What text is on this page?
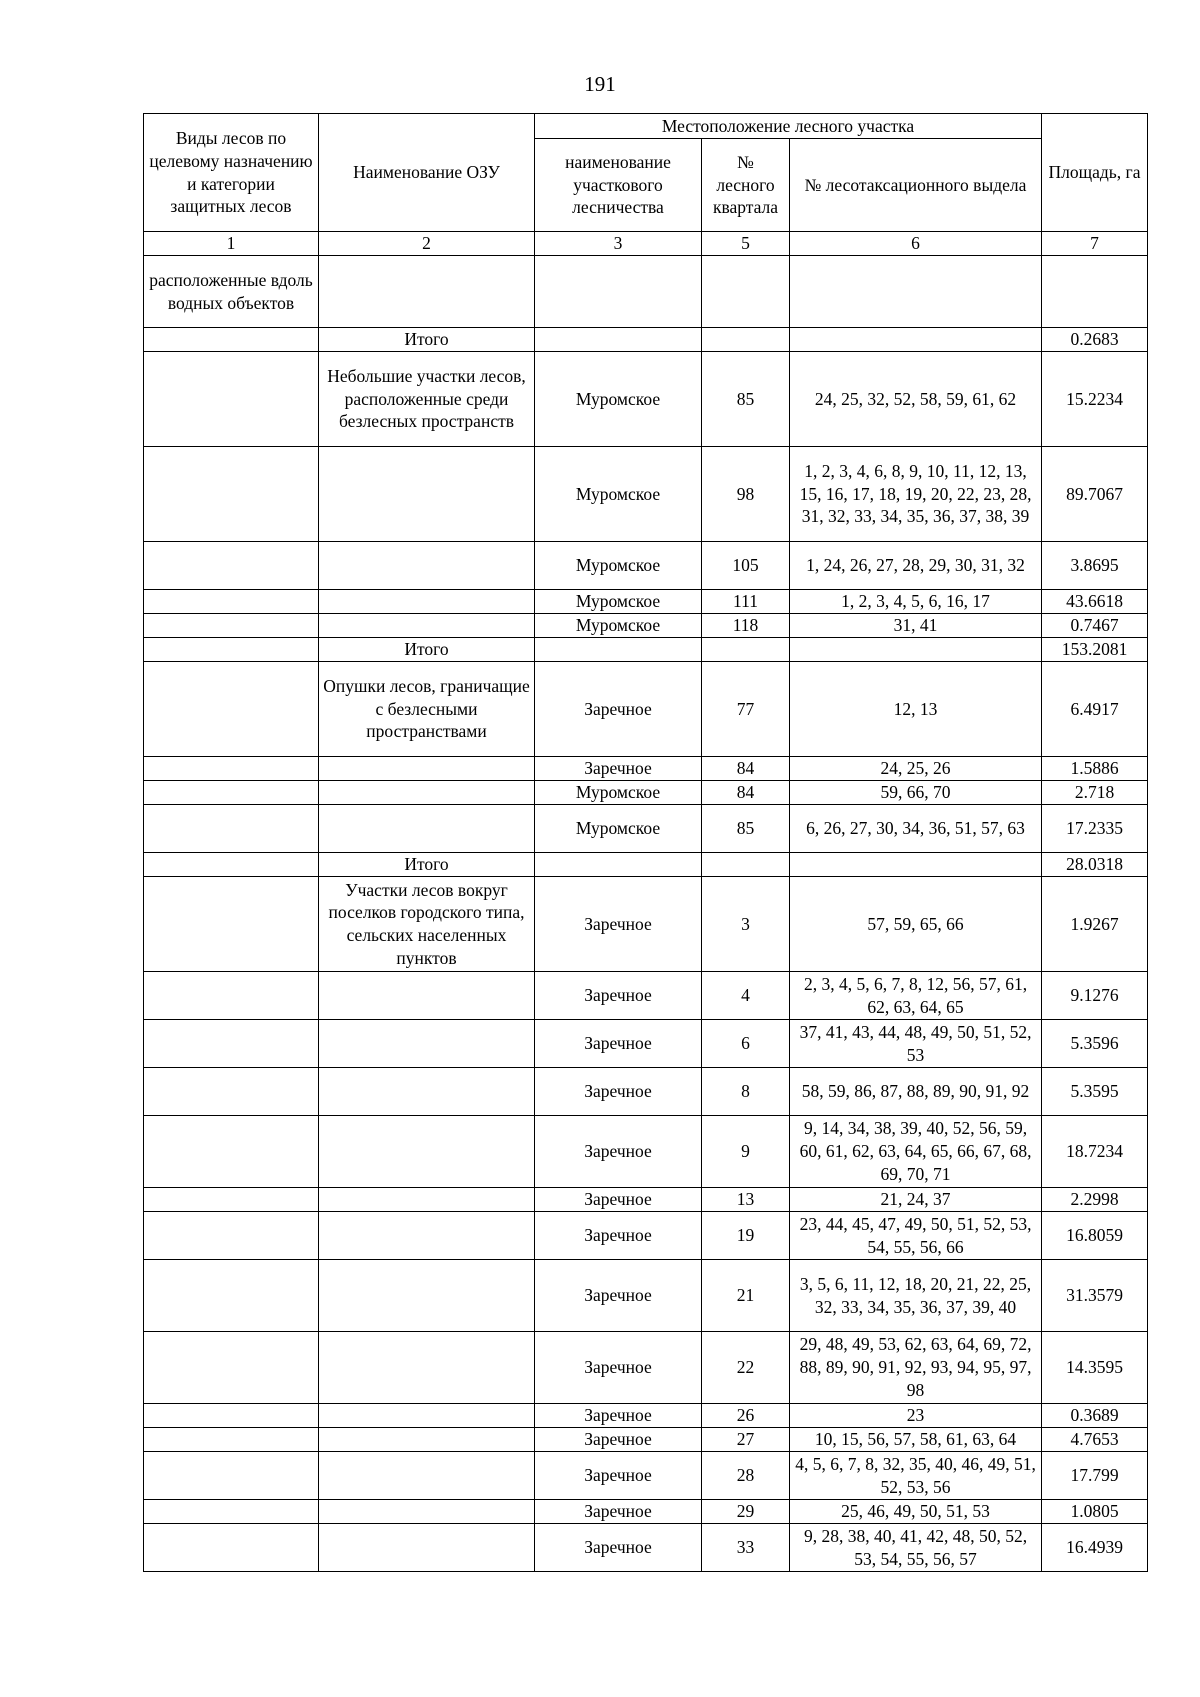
191
Виды лесов по целевому назначению и категории защитных лесов	Наименование ОЗУ	Местоположение лесного участка			Площадь, га
		наименование участкового лесничества	№ лесного квартала	№ лесотаксационного выдела	
1	2	3	5	6	7
расположенные вдоль водных объектов					
	Итого				0.2683
	Небольшие участки лесов, расположенные среди безлесных пространств	Муромское	85	24, 25, 32, 52, 58, 59, 61, 62	15.2234
		Муромское	98	1, 2, 3, 4, 6, 8, 9, 10, 11, 12, 13, 15, 16, 17, 18, 19, 20, 22, 23, 28, 31, 32, 33, 34, 35, 36, 37, 38, 39	89.7067
		Муромское	105	1, 24, 26, 27, 28, 29, 30, 31, 32	3.8695
		Муромское	111	1, 2, 3, 4, 5, 6, 16, 17	43.6618
		Муромское	118	31, 41	0.7467
	Итого				153.2081
	Опушки лесов, граничащие с безлесными пространствами	Заречное	77	12, 13	6.4917
		Заречное	84	24, 25, 26	1.5886
		Муромское	84	59, 66, 70	2.718
		Муромское	85	6, 26, 27, 30, 34, 36, 51, 57, 63	17.2335
	Итого				28.0318
	Участки лесов вокруг поселков городского типа, сельских населенных пунктов	Заречное	3	57, 59, 65, 66	1.9267
		Заречное	4	2, 3, 4, 5, 6, 7, 8, 12, 56, 57, 61, 62, 63, 64, 65	9.1276
		Заречное	6	37, 41, 43, 44, 48, 49, 50, 51, 52, 53	5.3596
		Заречное	8	58, 59, 86, 87, 88, 89, 90, 91, 92	5.3595
		Заречное	9	9, 14, 34, 38, 39, 40, 52, 56, 59, 60, 61, 62, 63, 64, 65, 66, 67, 68, 69, 70, 71	18.7234
		Заречное	13	21, 24, 37	2.2998
		Заречное	19	23, 44, 45, 47, 49, 50, 51, 52, 53, 54, 55, 56, 66	16.8059
		Заречное	21	3, 5, 6, 11, 12, 18, 20, 21, 22, 25, 32, 33, 34, 35, 36, 37, 39, 40	31.3579
		Заречное	22	29, 48, 49, 53, 62, 63, 64, 69, 72, 88, 89, 90, 91, 92, 93, 94, 95, 97, 98	14.3595
		Заречное	26	23	0.3689
		Заречное	27	10, 15, 56, 57, 58, 61, 63, 64	4.7653
		Заречное	28	4, 5, 6, 7, 8, 32, 35, 40, 46, 49, 51, 52, 53, 56	17.799
		Заречное	29	25, 46, 49, 50, 51, 53	1.0805
		Заречное	33	9, 28, 38, 40, 41, 42, 48, 50, 52, 53, 54, 55, 56, 57	16.4939
